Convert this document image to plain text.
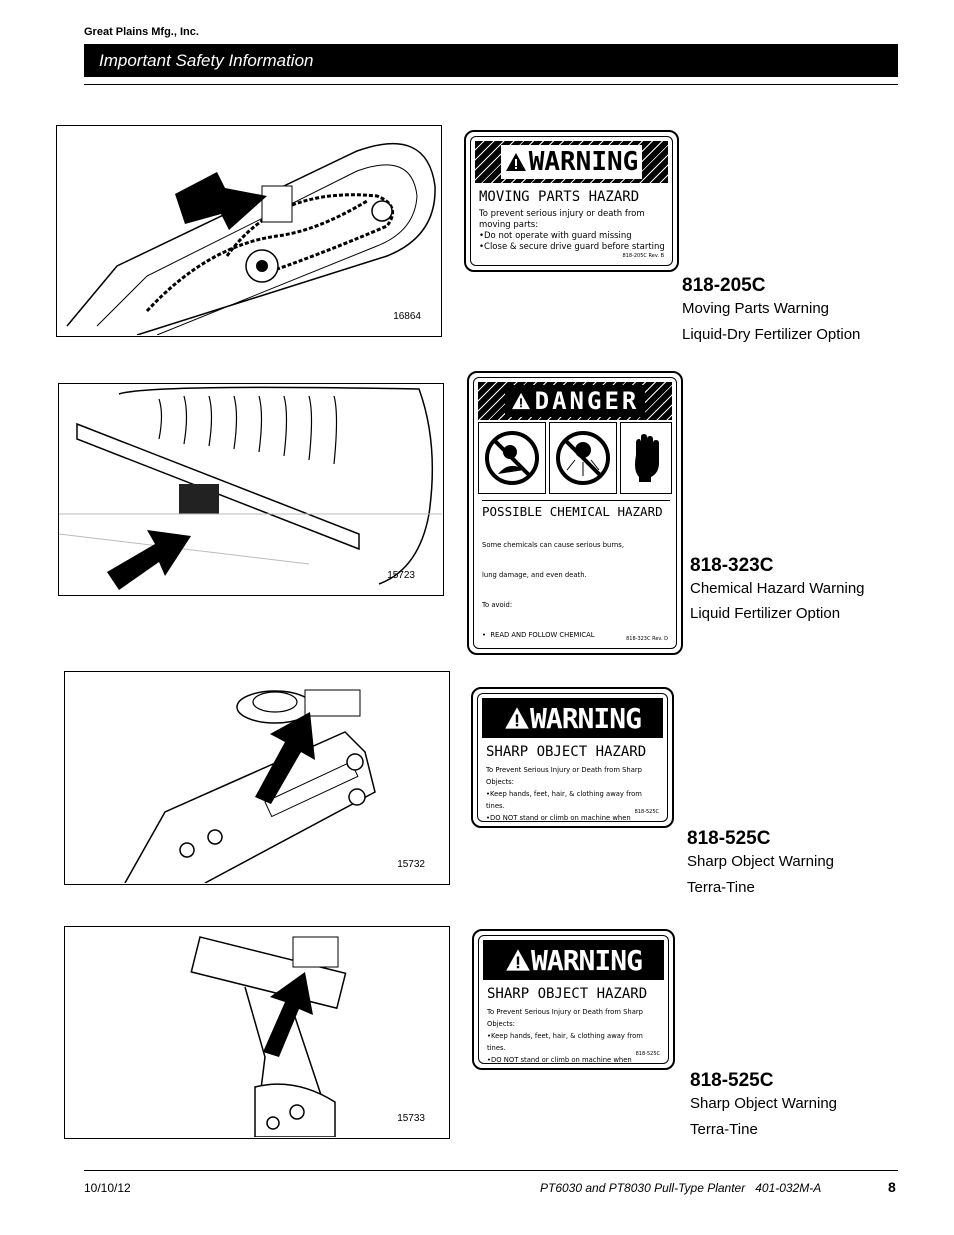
Great Plains Mfg., Inc.
Important Safety Information
16864
WARNING
MOVING PARTS HAZARD
To prevent serious injury or death from
moving parts:
•Do not operate with guard missing
•Close & secure drive guard before starting
818-205C Rev. B
818-205C
Moving Parts Warning
Liquid-Dry Fertilizer Option
15723
DANGER
POSSIBLE CHEMICAL HAZARD

Some chemicals can cause serious burns,

lung damage, and even death.

To avoid:

•  READ AND FOLLOW CHEMICAL

	818-323C Rev. D
818-323C
Chemical Hazard Warning
Liquid Fertilizer Option
15732
WARNING
SHARP OBJECT HAZARD
To Prevent Serious Injury or Death from Sharp Objects:
•Keep hands, feet, hair, & clothing away from tines.
•DO NOT stand or climb on machine when
818-525C
818-525C
Sharp Object Warning
Terra-Tine
15733
WARNING
SHARP OBJECT HAZARD
To Prevent Serious Injury or Death from Sharp Objects:
•Keep hands, feet, hair, & clothing away from tines.
•DO NOT stand or climb on machine when
818-525C
818-525C
Sharp Object Warning
Terra-Tine
10/10/12	PT6030 and PT8030 Pull-Type Planter   401-032M-A	8
